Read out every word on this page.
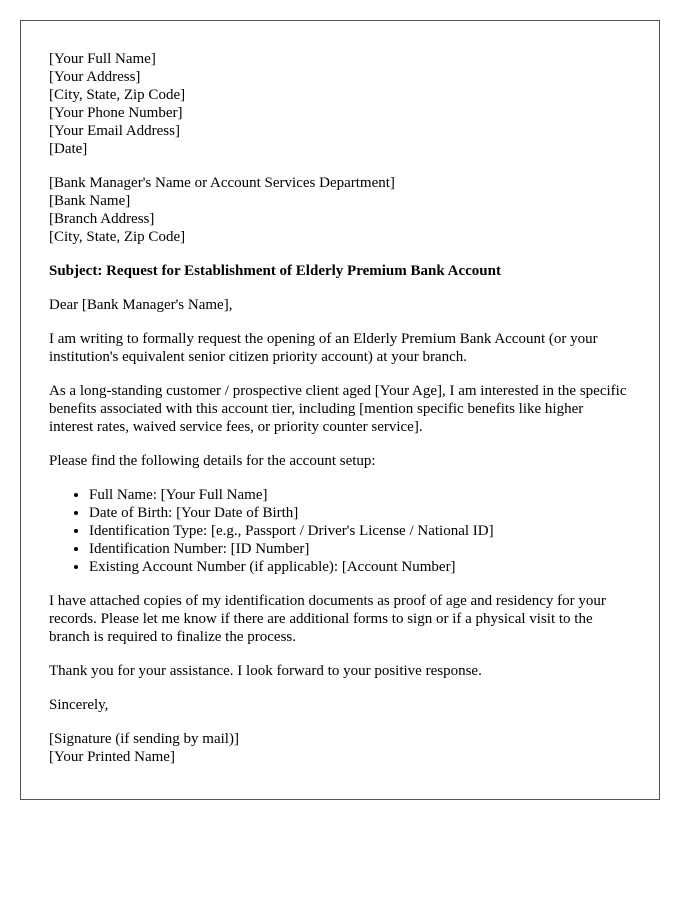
[Your Full Name]
[Your Address]
[City, State, Zip Code]
[Your Phone Number]
[Your Email Address]
[Date]
[Bank Manager's Name or Account Services Department]
[Bank Name]
[Branch Address]
[City, State, Zip Code]

Subject: Request for Establishment of Elderly Premium Bank Account

Dear [Bank Manager's Name],

I am writing to formally request the opening of an Elderly Premium Bank Account (or your institution's equivalent senior citizen priority account) at your branch.

As a long-standing customer / prospective client aged [Your Age], I am interested in the specific benefits associated with this account tier, including [mention specific benefits like higher interest rates, waived service fees, or priority counter service].

Please find the following details for the account setup:

• Full Name: [Your Full Name]
• Date of Birth: [Your Date of Birth]
• Identification Type: [e.g., Passport / Driver's License / National ID]
• Identification Number: [ID Number]
• Existing Account Number (if applicable): [Account Number]

I have attached copies of my identification documents as proof of age and residency for your records. Please let me know if there are additional forms to sign or if a physical visit to the branch is required to finalize the process.

Thank you for your assistance. I look forward to your positive response.

Sincerely,

[Signature (if sending by mail)]
[Your Printed Name]
